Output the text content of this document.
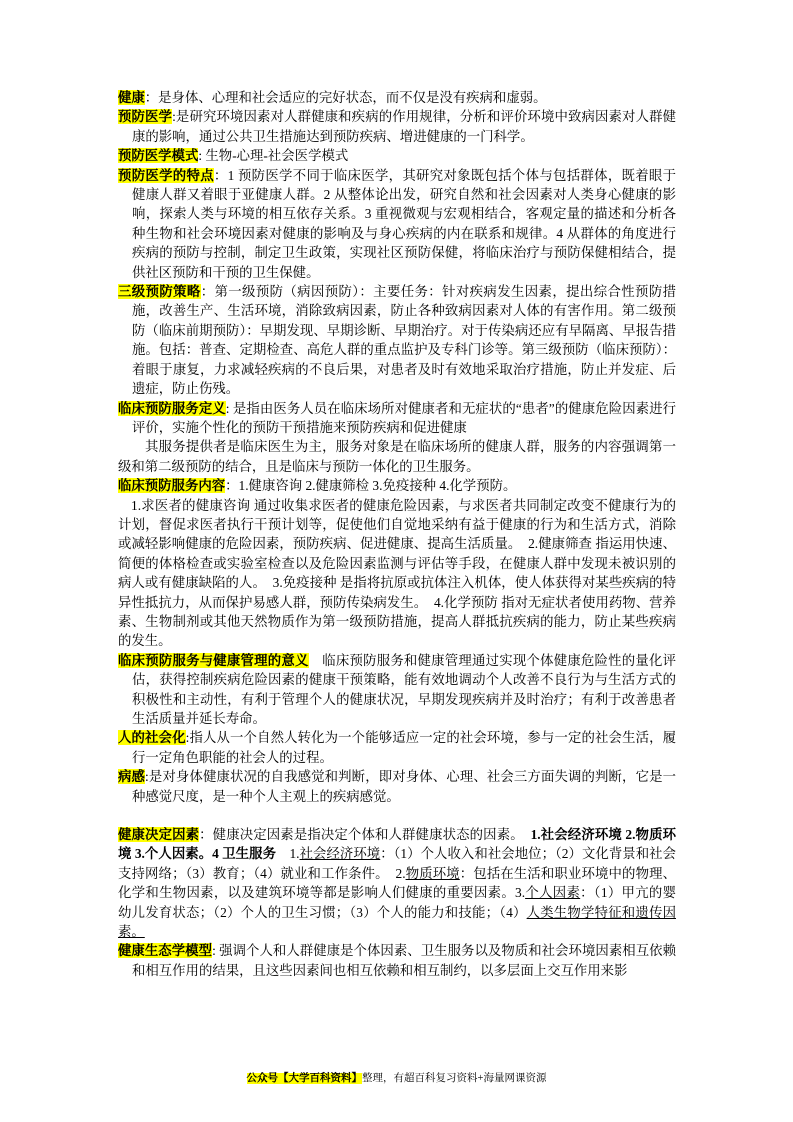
健康：是身体、心理和社会适应的完好状态，而不仅是没有疾病和虚弱。

预防医学:是研究环境因素对人群健康和疾病的作用规律，分析和评价环境中致病因素对人群健康的影响，通过公共卫生措施达到预防疾病、增进健康的一门科学。

预防医学模式: 生物-心理-社会医学模式

预防医学的特点：1 预防医学不同于临床医学，其研究对象既包括个体与包括群体，既着眼于健康人群又着眼于亚健康人群。2 从整体论出发，研究自然和社会因素对人类身心健康的影响，探索人类与环境的相互依存关系。3 重视微观与宏观相结合，客观定量的描述和分析各种生物和社会环境因素对健康的影响及与身心疾病的内在联系和规律。4 从群体的角度进行疾病的预防与控制，制定卫生政策，实现社区预防保健，将临床治疗与预防保健相结合，提供社区预防和干预的卫生保健。

三级预防策略：第一级预防（病因预防）：主要任务：针对疾病发生因素，提出综合性预防措施，改善生产、生活环境，消除致病因素，防止各种致病因素对人体的有害作用。第二级预防（临床前期预防）：早期发现、早期诊断、早期治疗。对于传染病还应有早隔离、早报告措施。包括：普查、定期检查、高危人群的重点监护及专科门诊等。第三级预防（临床预防）：着眼于康复，力求减轻疾病的不良后果，对患者及时有效地采取治疗措施，防止并发症、后遗症，防止伤残。

临床预防服务定义: 是指由医务人员在临床场所对健康者和无症状的“患者”的健康危险因素进行评价，实施个性化的预防干预措施来预防疾病和促进健康

其服务提供者是临床医生为主，服务对象是在临床场所的健康人群，服务的内容强调第一级和第二级预防的结合，且是临床与预防一体化的卫生服务。

临床预防服务内容：1.健康咨询 2.健康筛检 3.免疫接种 4.化学预防。

1.求医者的健康咨询 通过收集求医者的健康危险因素，与求医者共同制定改变不健康行为的计划，督促求医者执行干预计划等，促使他们自觉地采纳有益于健康的行为和生活方式，消除或减轻影响健康的危险因素，预防疾病、促进健康、提高生活质量。　2.健康筛查 指运用快速、简便的体格检查或实验室检查以及危险因素监测与评估等手段，在健康人群中发现未被识别的病人或有健康缺陷的人。　3.免疫接种 是指将抗原或抗体注入机体，使人体获得对某些疾病的特异性抵抗力，从而保护易感人群，预防传染病发生。　4.化学预防 指对无症状者使用药物、营养素、生物制剂或其他天然物质作为第一级预防措施，提高人群抵抗疾病的能力，防止某些疾病的发生。

临床预防服务与健康管理的意义　临床预防服务和健康管理通过实现个体健康危险性的量化评估，获得控制疾病危险因素的健康干预策略，能有效地调动个人改善不良行为与生活方式的积极性和主动性，有利于管理个人的健康状况，早期发现疾病并及时治疗；有利于改善患者生活质量并延长寿命。

人的社会化:指人从一个自然人转化为一个能够适应一定的社会环境，参与一定的社会生活，履行一定角色职能的社会人的过程。

病感:是对身体健康状况的自我感觉和判断，即对身体、心理、社会三方面失调的判断，它是一种感觉尺度，是一种个人主观上的疾病感觉。

健康决定因素：健康决定因素是指决定个体和人群健康状态的因素。　1.社会经济环境 2.物质环境 3.个人因素。4 卫生服务　1.社会经济环境：（1）个人收入和社会地位；（2）文化背景和社会支持网络；（3）教育；（4）就业和工作条件。　2.物质环境：包括在生活和职业环境中的物理、化学和生物因素，以及建筑环境等都是影响人们健康的重要因素。3.个人因素：（1）甲亢的婴幼儿发育状态；（2）个人的卫生习惯；（3）个人的能力和技能；（4）人类生物学特征和遗传因素。

健康生态学模型: 强调个人和人群健康是个体因素、卫生服务以及物质和社会环境因素相互依赖和相互作用的结果，且这些因素间也相互依赖和相互制约，以多层面上交互作用来影

公众号【大学百科资料】整理，有超百科复习资料+海量网课资源
